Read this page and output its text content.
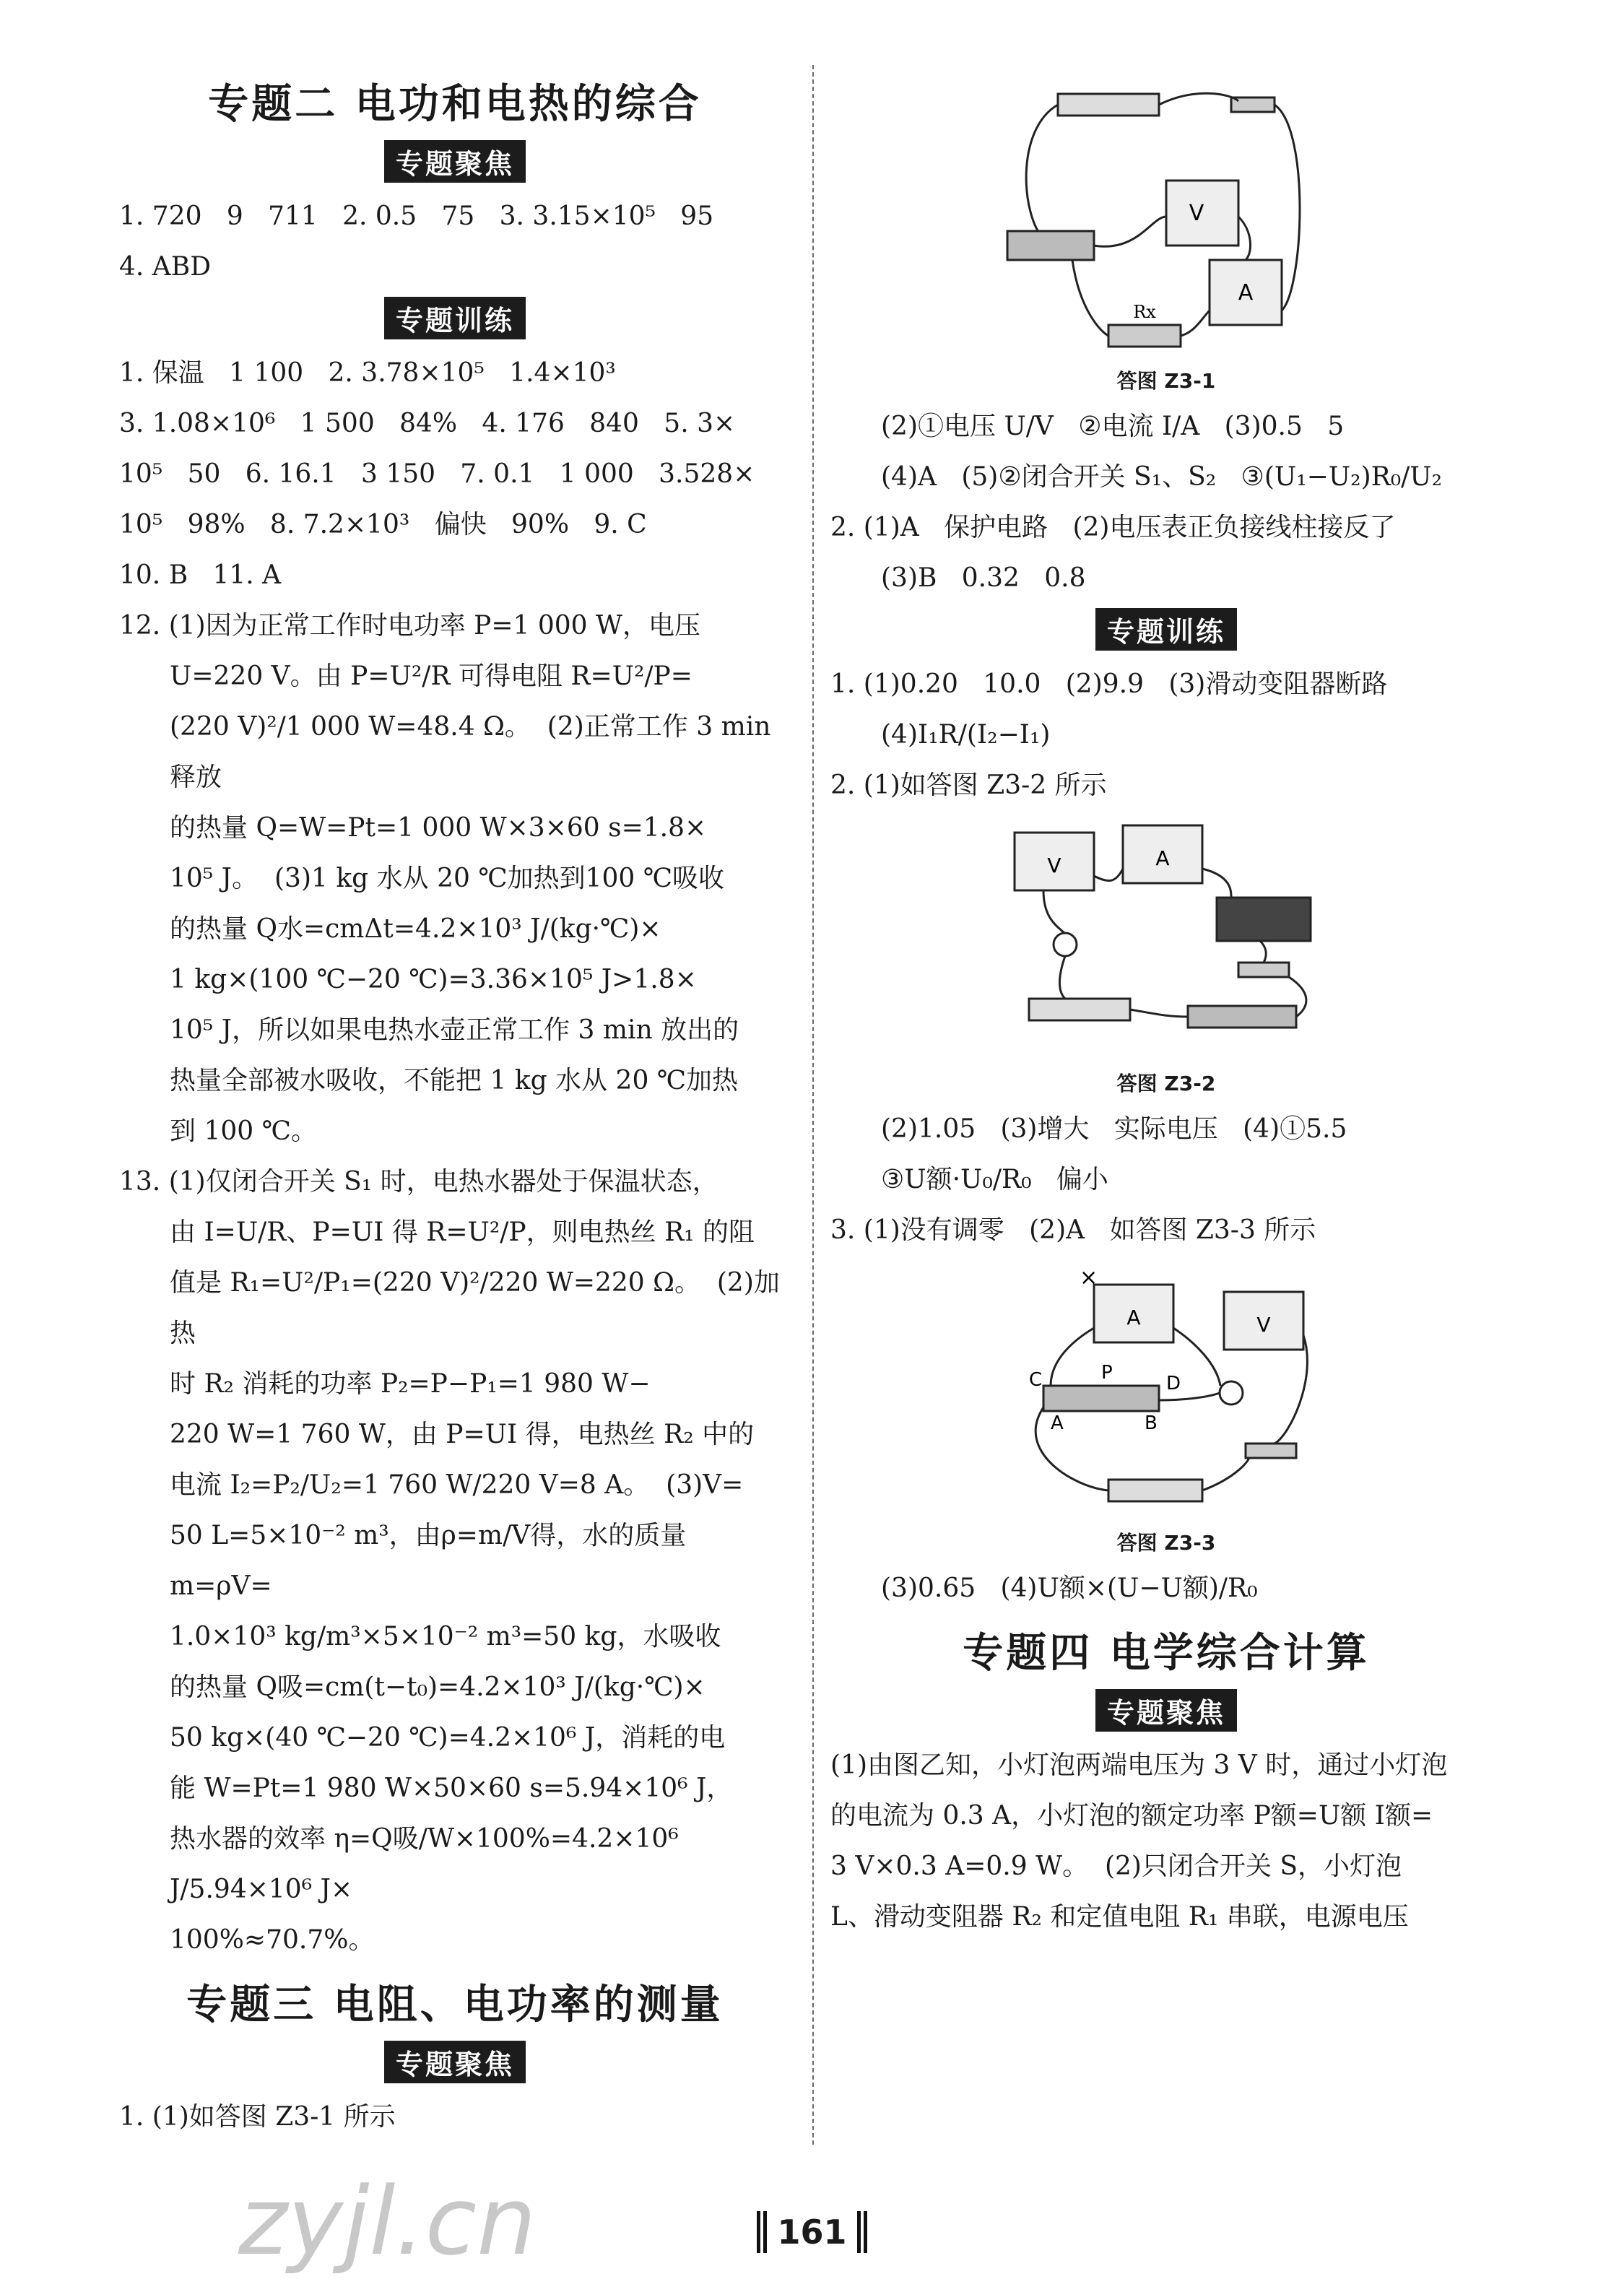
专题二 电功和电热的综合
专题聚焦

1. 720   9   711   2. 0.5   75   3. 3.15×10⁵   95

4. ABD

专题训练

1. 保温   1 100   2. 3.78×10⁵   1.4×10³

3. 1.08×10⁶   1 500   84%   4. 176   840   5. 3×

10⁵   50   6. 16.1   3 150   7. 0.1   1 000   3.528×

10⁵   98%   8. 7.2×10³   偏快   90%   9. C

10. B   11. A

12. (1)因为正常工作时电功率 P=1 000 W，电压

U=220 V。由 P=U²/R 可得电阻 R=U²/P=

(220 V)²/1 000 W=48.4 Ω。  (2)正常工作 3 min 释放

的热量 Q=W=Pt=1 000 W×3×60 s=1.8×

10⁵ J。  (3)1 kg 水从 20 ℃加热到100 ℃吸收

的热量 Q水=cmΔt=4.2×10³ J/(kg·℃)×

1 kg×(100 ℃−20 ℃)=3.36×10⁵ J>1.8×

10⁵ J，所以如果电热水壶正常工作 3 min 放出的

热量全部被水吸收，不能把 1 kg 水从 20 ℃加热

到 100 ℃。

13. (1)仅闭合开关 S₁ 时，电热水器处于保温状态，

由 I=U/R、P=UI 得 R=U²/P，则电热丝 R₁ 的阻

值是 R₁=U²/P₁=(220 V)²/220 W=220 Ω。  (2)加热

时 R₂ 消耗的功率 P₂=P−P₁=1 980 W−

220 W=1 760 W，由 P=UI 得，电热丝 R₂ 中的

电流 I₂=P₂/U₂=1 760 W/220 V=8 A。  (3)V=

50 L=5×10⁻² m³，由ρ=m/V得，水的质量 m=ρV=

1.0×10³ kg/m³×5×10⁻² m³=50 kg，水吸收

的热量 Q吸=cm(t−t₀)=4.2×10³ J/(kg·℃)×

50 kg×(40 ℃−20 ℃)=4.2×10⁶ J，消耗的电

能 W=Pt=1 980 W×50×60 s=5.94×10⁶ J，

热水器的效率 η=Q吸/W×100%=4.2×10⁶ J/5.94×10⁶ J×

100%≈70.7%。

专题三 电阻、电功率的测量
专题聚焦

1. (1)如答图 Z3-1 所示

V
A
Rx

答图 Z3-1

(2)①电压 U/V   ②电流 I/A   (3)0.5   5

(4)A   (5)②闭合开关 S₁、S₂   ③(U₁−U₂)R₀/U₂

2. (1)A   保护电路   (2)电压表正负接线柱接反了

(3)B   0.32   0.8

专题训练

1. (1)0.20   10.0   (2)9.9   (3)滑动变阻器断路

(4)I₁R/(I₂−I₁)

2. (1)如答图 Z3-2 所示

V	A

答图 Z3-2

(2)1.05   (3)增大   实际电压   (4)①5.5

③U额·U₀/R₀   偏小

3. (1)没有调零   (2)A   如答图 Z3-3 所示

A	V
C	P	D
A	B
×

答图 Z3-3

(3)0.65   (4)U额×(U−U额)/R₀

专题四 电学综合计算
专题聚焦

(1)由图乙知，小灯泡两端电压为 3 V 时，通过小灯泡

的电流为 0.3 A，小灯泡的额定功率 P额=U额 I额=

3 V×0.3 A=0.9 W。  (2)只闭合开关 S，小灯泡

L、滑动变阻器 R₂ 和定值电阻 R₁ 串联，电源电压

zyjl.cn	161
